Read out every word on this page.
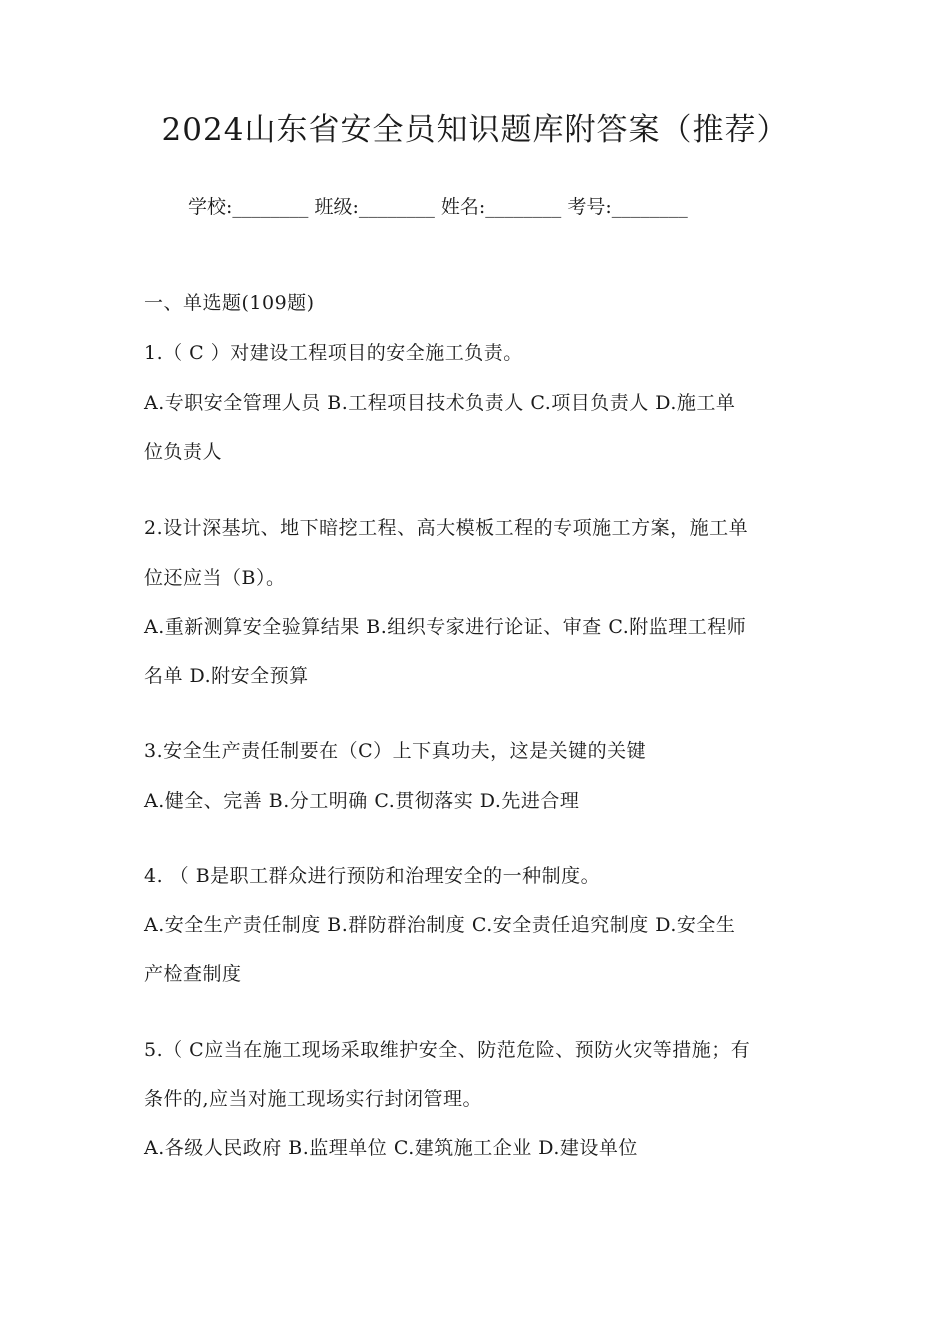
2024山东省安全员知识题库附答案（推荐）
学校:________ 班级:________ 姓名:________ 考号:________
一、单选题(109题)
1.（ C ）对建设工程项目的安全施工负责。
A.专职安全管理人员 B.工程项目技术负责人 C.项目负责人 D.施工单
位负责人
2.设计深基坑、地下暗挖工程、高大模板工程的专项施工方案，施工单
位还应当（B）。
A.重新测算安全验算结果 B.组织专家进行论证、审查 C.附监理工程师
名单 D.附安全预算
3.安全生产责任制要在（C）上下真功夫，这是关键的关键
A.健全、完善 B.分工明确 C.贯彻落实 D.先进合理
4. （ B是职工群众进行预防和治理安全的一种制度。
A.安全生产责任制度 B.群防群治制度 C.安全责任追究制度 D.安全生
产检查制度
5.（ C应当在施工现场采取维护安全、防范危险、预防火灾等措施；有
条件的,应当对施工现场实行封闭管理。
A.各级人民政府 B.监理单位 C.建筑施工企业 D.建设单位
